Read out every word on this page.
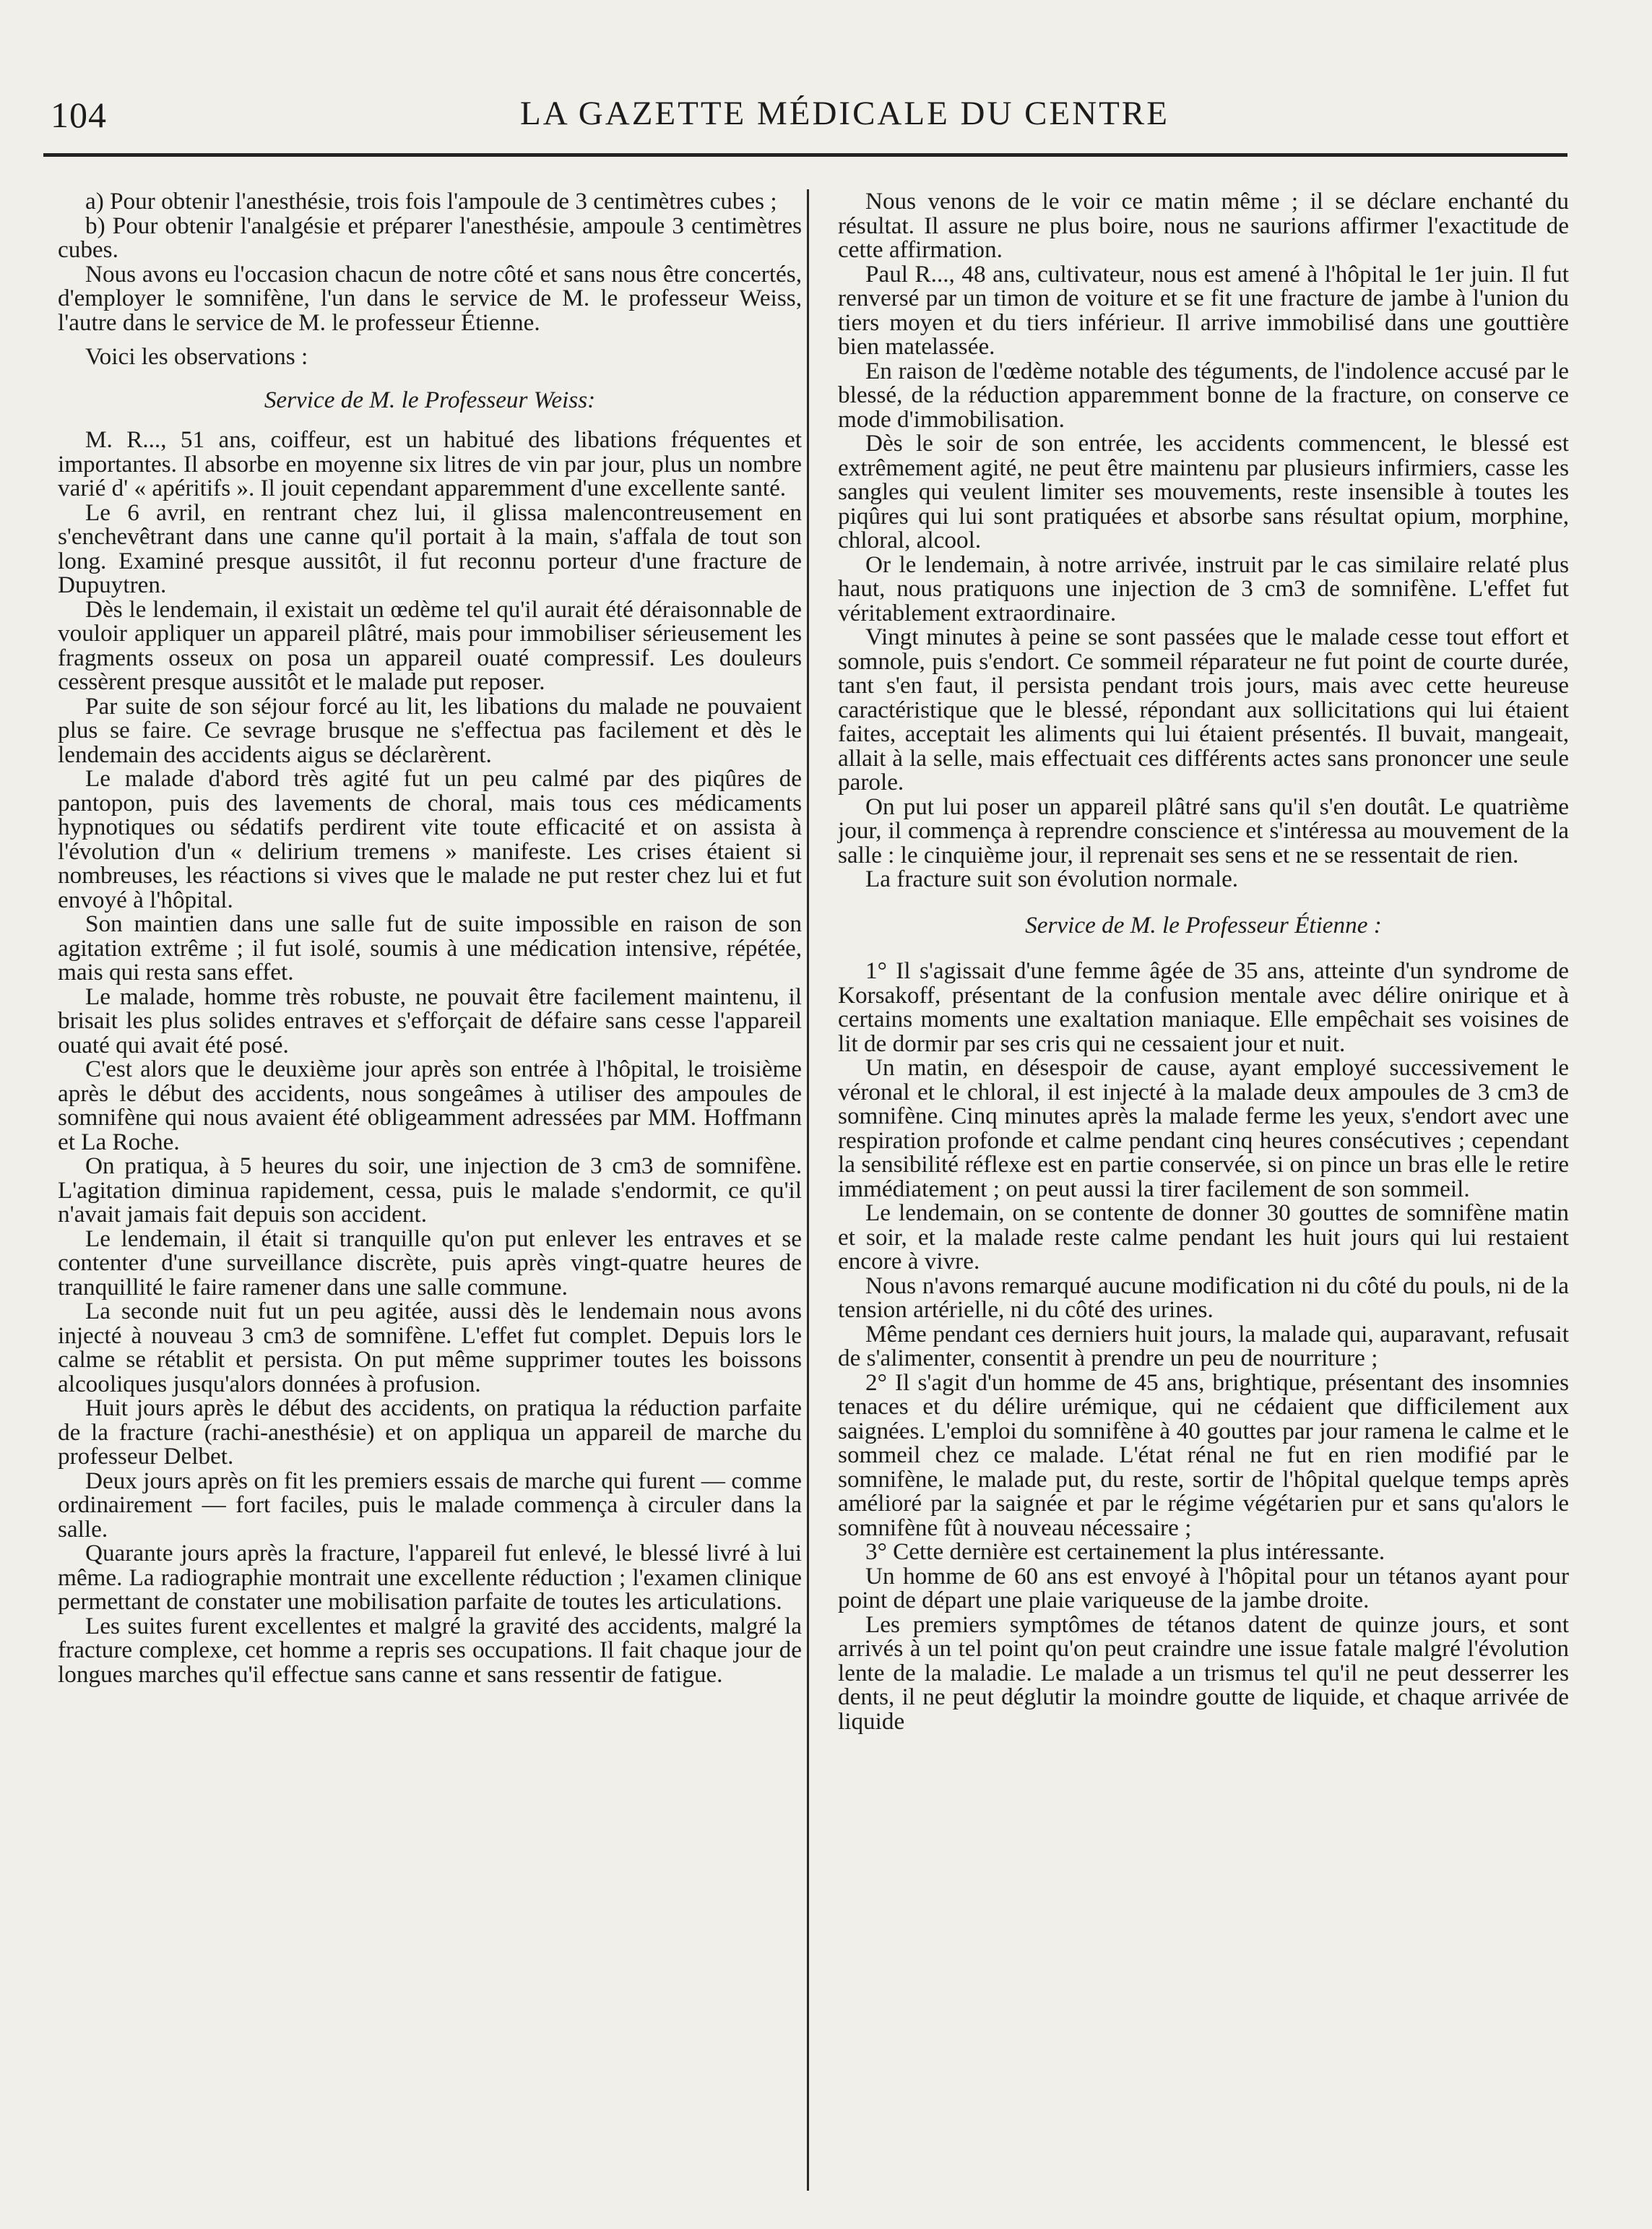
104	LA GAZETTE MÉDICALE DU CENTRE

a) Pour obtenir l'anesthésie, trois fois l'ampoule de 3 centimètres cubes ;

b) Pour obtenir l'analgésie et préparer l'anesthésie, ampoule 3 centimètres cubes.

Nous avons eu l'occasion chacun de notre côté et sans nous être concertés, d'employer le somnifène, l'un dans le service de M. le professeur Weiss, l'autre dans le service de M. le professeur Étienne.

Voici les observations :

Service de M. le Professeur Weiss:

M. R..., 51 ans, coiffeur, est un habitué des libations fréquentes et importantes. Il absorbe en moyenne six litres de vin par jour, plus un nombre varié d' « apéritifs ». Il jouit cependant apparemment d'une excellente santé.

Le 6 avril, en rentrant chez lui, il glissa malencontreusement en s'enchevêtrant dans une canne qu'il portait à la main, s'affala de tout son long. Examiné presque aussitôt, il fut reconnu porteur d'une fracture de Dupuytren.

Dès le lendemain, il existait un œdème tel qu'il aurait été déraisonnable de vouloir appliquer un appareil plâtré, mais pour immobiliser sérieusement les fragments osseux on posa un appareil ouaté compressif. Les douleurs cessèrent presque aussitôt et le malade put reposer.

Par suite de son séjour forcé au lit, les libations du malade ne pouvaient plus se faire. Ce sevrage brusque ne s'effectua pas facilement et dès le lendemain des accidents aigus se déclarèrent.

Le malade d'abord très agité fut un peu calmé par des piqûres de pantopon, puis des lavements de choral, mais tous ces médicaments hypnotiques ou sédatifs perdirent vite toute efficacité et on assista à l'évolution d'un « delirium tremens » manifeste. Les crises étaient si nombreuses, les réactions si vives que le malade ne put rester chez lui et fut envoyé à l'hôpital.

Son maintien dans une salle fut de suite impossible en raison de son agitation extrême ; il fut isolé, soumis à une médication intensive, répétée, mais qui resta sans effet.

Le malade, homme très robuste, ne pouvait être facilement maintenu, il brisait les plus solides entraves et s'efforçait de défaire sans cesse l'appareil ouaté qui avait été posé.

C'est alors que le deuxième jour après son entrée à l'hôpital, le troisième après le début des accidents, nous songeâmes à utiliser des ampoules de somnifène qui nous avaient été obligeamment adressées par MM. Hoffmann et La Roche.

On pratiqua, à 5 heures du soir, une injection de 3 cm3 de somnifène. L'agitation diminua rapidement, cessa, puis le malade s'endormit, ce qu'il n'avait jamais fait depuis son accident.

Le lendemain, il était si tranquille qu'on put enlever les entraves et se contenter d'une surveillance discrète, puis après vingt-quatre heures de tranquillité le faire ramener dans une salle commune.

La seconde nuit fut un peu agitée, aussi dès le lendemain nous avons injecté à nouveau 3 cm3 de somnifène. L'effet fut complet. Depuis lors le calme se rétablit et persista. On put même supprimer toutes les boissons alcooliques jusqu'alors données à profusion.

Huit jours après le début des accidents, on pratiqua la réduction parfaite de la fracture (rachi-anesthésie) et on appliqua un appareil de marche du professeur Delbet.

Deux jours après on fit les premiers essais de marche qui furent — comme ordinairement — fort faciles, puis le malade commença à circuler dans la salle.

Quarante jours après la fracture, l'appareil fut enlevé, le blessé livré à lui même. La radiographie montrait une excellente réduction ; l'examen clinique permettant de constater une mobilisation parfaite de toutes les articulations.

Les suites furent excellentes et malgré la gravité des accidents, malgré la fracture complexe, cet homme a repris ses occupations. Il fait chaque jour de longues marches qu'il effectue sans canne et sans ressentir de fatigue.

Nous venons de le voir ce matin même ; il se déclare enchanté du résultat. Il assure ne plus boire, nous ne saurions affirmer l'exactitude de cette affirmation.

Paul R..., 48 ans, cultivateur, nous est amené à l'hôpital le 1er juin. Il fut renversé par un timon de voiture et se fit une fracture de jambe à l'union du tiers moyen et du tiers inférieur. Il arrive immobilisé dans une gouttière bien matelassée.

En raison de l'œdème notable des téguments, de l'indolence accusé par le blessé, de la réduction apparemment bonne de la fracture, on conserve ce mode d'immobilisation.

Dès le soir de son entrée, les accidents commencent, le blessé est extrêmement agité, ne peut être maintenu par plusieurs infirmiers, casse les sangles qui veulent limiter ses mouvements, reste insensible à toutes les piqûres qui lui sont pratiquées et absorbe sans résultat opium, morphine, chloral, alcool.

Or le lendemain, à notre arrivée, instruit par le cas similaire relaté plus haut, nous pratiquons une injection de 3 cm3 de somnifène. L'effet fut véritablement extraordinaire.

Vingt minutes à peine se sont passées que le malade cesse tout effort et somnole, puis s'endort. Ce sommeil réparateur ne fut point de courte durée, tant s'en faut, il persista pendant trois jours, mais avec cette heureuse caractéristique que le blessé, répondant aux sollicitations qui lui étaient faites, acceptait les aliments qui lui étaient présentés. Il buvait, mangeait, allait à la selle, mais effectuait ces différents actes sans prononcer une seule parole.

On put lui poser un appareil plâtré sans qu'il s'en doutât. Le quatrième jour, il commença à reprendre conscience et s'intéressa au mouvement de la salle : le cinquième jour, il reprenait ses sens et ne se ressentait de rien.

La fracture suit son évolution normale.

Service de M. le Professeur Étienne :

1° Il s'agissait d'une femme âgée de 35 ans, atteinte d'un syndrome de Korsakoff, présentant de la confusion mentale avec délire onirique et à certains moments une exaltation maniaque. Elle empêchait ses voisines de lit de dormir par ses cris qui ne cessaient jour et nuit.

Un matin, en désespoir de cause, ayant employé successivement le véronal et le chloral, il est injecté à la malade deux ampoules de 3 cm3 de somnifène. Cinq minutes après la malade ferme les yeux, s'endort avec une respiration profonde et calme pendant cinq heures consécutives ; cependant la sensibilité réflexe est en partie conservée, si on pince un bras elle le retire immédiatement ; on peut aussi la tirer facilement de son sommeil.

Le lendemain, on se contente de donner 30 gouttes de somnifène matin et soir, et la malade reste calme pendant les huit jours qui lui restaient encore à vivre.

Nous n'avons remarqué aucune modification ni du côté du pouls, ni de la tension artérielle, ni du côté des urines.

Même pendant ces derniers huit jours, la malade qui, auparavant, refusait de s'alimenter, consentit à prendre un peu de nourriture ;

2° Il s'agit d'un homme de 45 ans, brightique, présentant des insomnies tenaces et du délire urémique, qui ne cédaient que difficilement aux saignées. L'emploi du somnifène à 40 gouttes par jour ramena le calme et le sommeil chez ce malade. L'état rénal ne fut en rien modifié par le somnifène, le malade put, du reste, sortir de l'hôpital quelque temps après amélioré par la saignée et par le régime végétarien pur et sans qu'alors le somnifène fût à nouveau nécessaire ;

3° Cette dernière est certainement la plus intéressante.

Un homme de 60 ans est envoyé à l'hôpital pour un tétanos ayant pour point de départ une plaie variqueuse de la jambe droite.

Les premiers symptômes de tétanos datent de quinze jours, et sont arrivés à un tel point qu'on peut craindre une issue fatale malgré l'évolution lente de la maladie. Le malade a un trismus tel qu'il ne peut desserrer les dents, il ne peut déglutir la moindre goutte de liquide, et chaque arrivée de liquide
